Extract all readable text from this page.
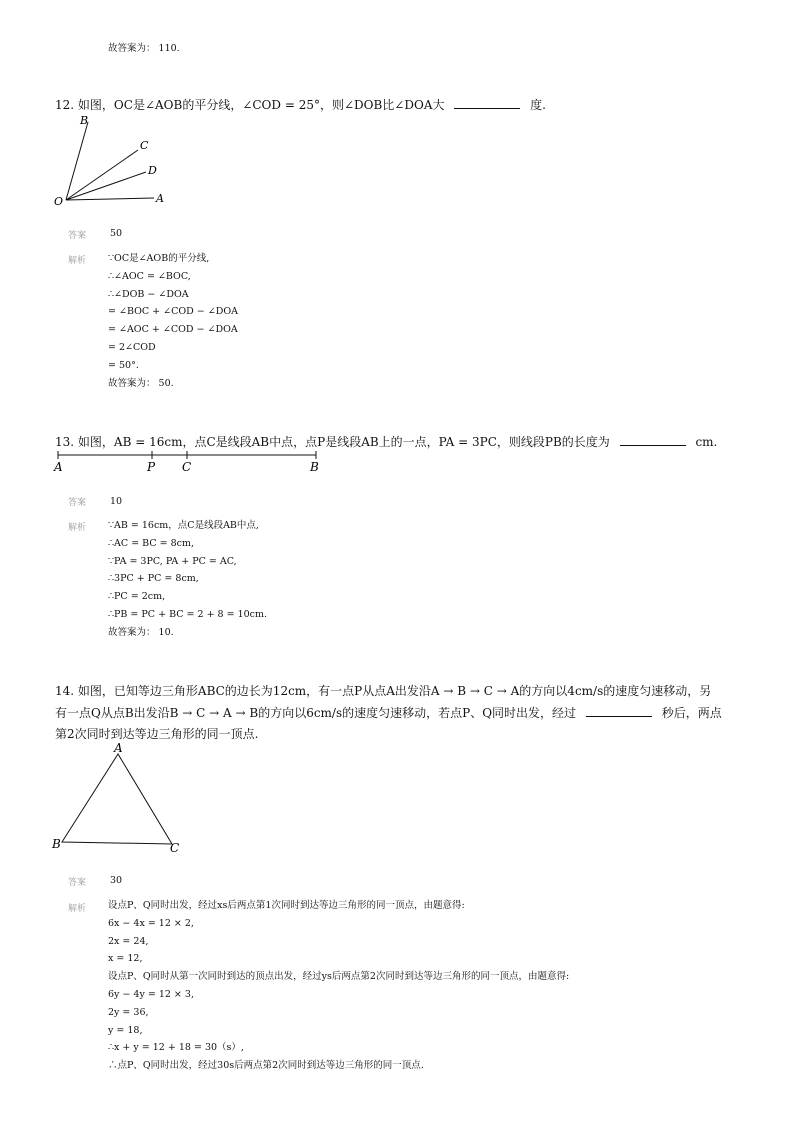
故答案为： 110.
12. 如图，OC是∠AOB的平分线，∠COD = 25°，则∠DOB比∠DOA大	度.
B
C
D
O	A
答案	50
解析 ∵OC是∠AOB的平分线,
∴∠AOC = ∠BOC,
∴∠DOB − ∠DOA
= ∠BOC + ∠COD − ∠DOA
= ∠AOC + ∠COD − ∠DOA
= 2∠COD
= 50°.
故答案为： 50.
13. 如图，AB = 16cm，点C是线段AB中点，点P是线段AB上的一点，PA = 3PC，则线段PB的长度为	cm.
A	P C	B
答案	10
解析 ∵AB = 16cm，点C是线段AB中点,
∴AC = BC = 8cm,
∵PA = 3PC, PA + PC = AC,
∴3PC + PC = 8cm,
∴PC = 2cm,
∴PB = PC + BC = 2 + 8 = 10cm.
故答案为： 10.
14. 如图，已知等边三角形ABC的边长为12cm，有一点P从点A出发沿A → B → C → A的方向以4cm/s的速度匀速移动，另
有一点Q从点B出发沿B → C → A → B的方向以6cm/s的速度匀速移动，若点P、Q同时出发，经过	秒后，两点
第2次同时到达等边三角形的同一顶点.
A
B	C
答案	30
解析 设点P、Q同时出发，经过xs后两点第1次同时到达等边三角形的同一顶点，由题意得:
6x − 4x = 12 × 2,
2x = 24,
x = 12,
设点P、Q同时从第一次同时到达的顶点出发，经过ys后两点第2次同时到达等边三角形的同一顶点，由题意得:
6y − 4y = 12 × 3,
2y = 36,
y = 18,
∴x + y = 12 + 18 = 30（s）,
∴点P、Q同时出发，经过30s后两点第2次同时到达等边三角形的同一顶点.
